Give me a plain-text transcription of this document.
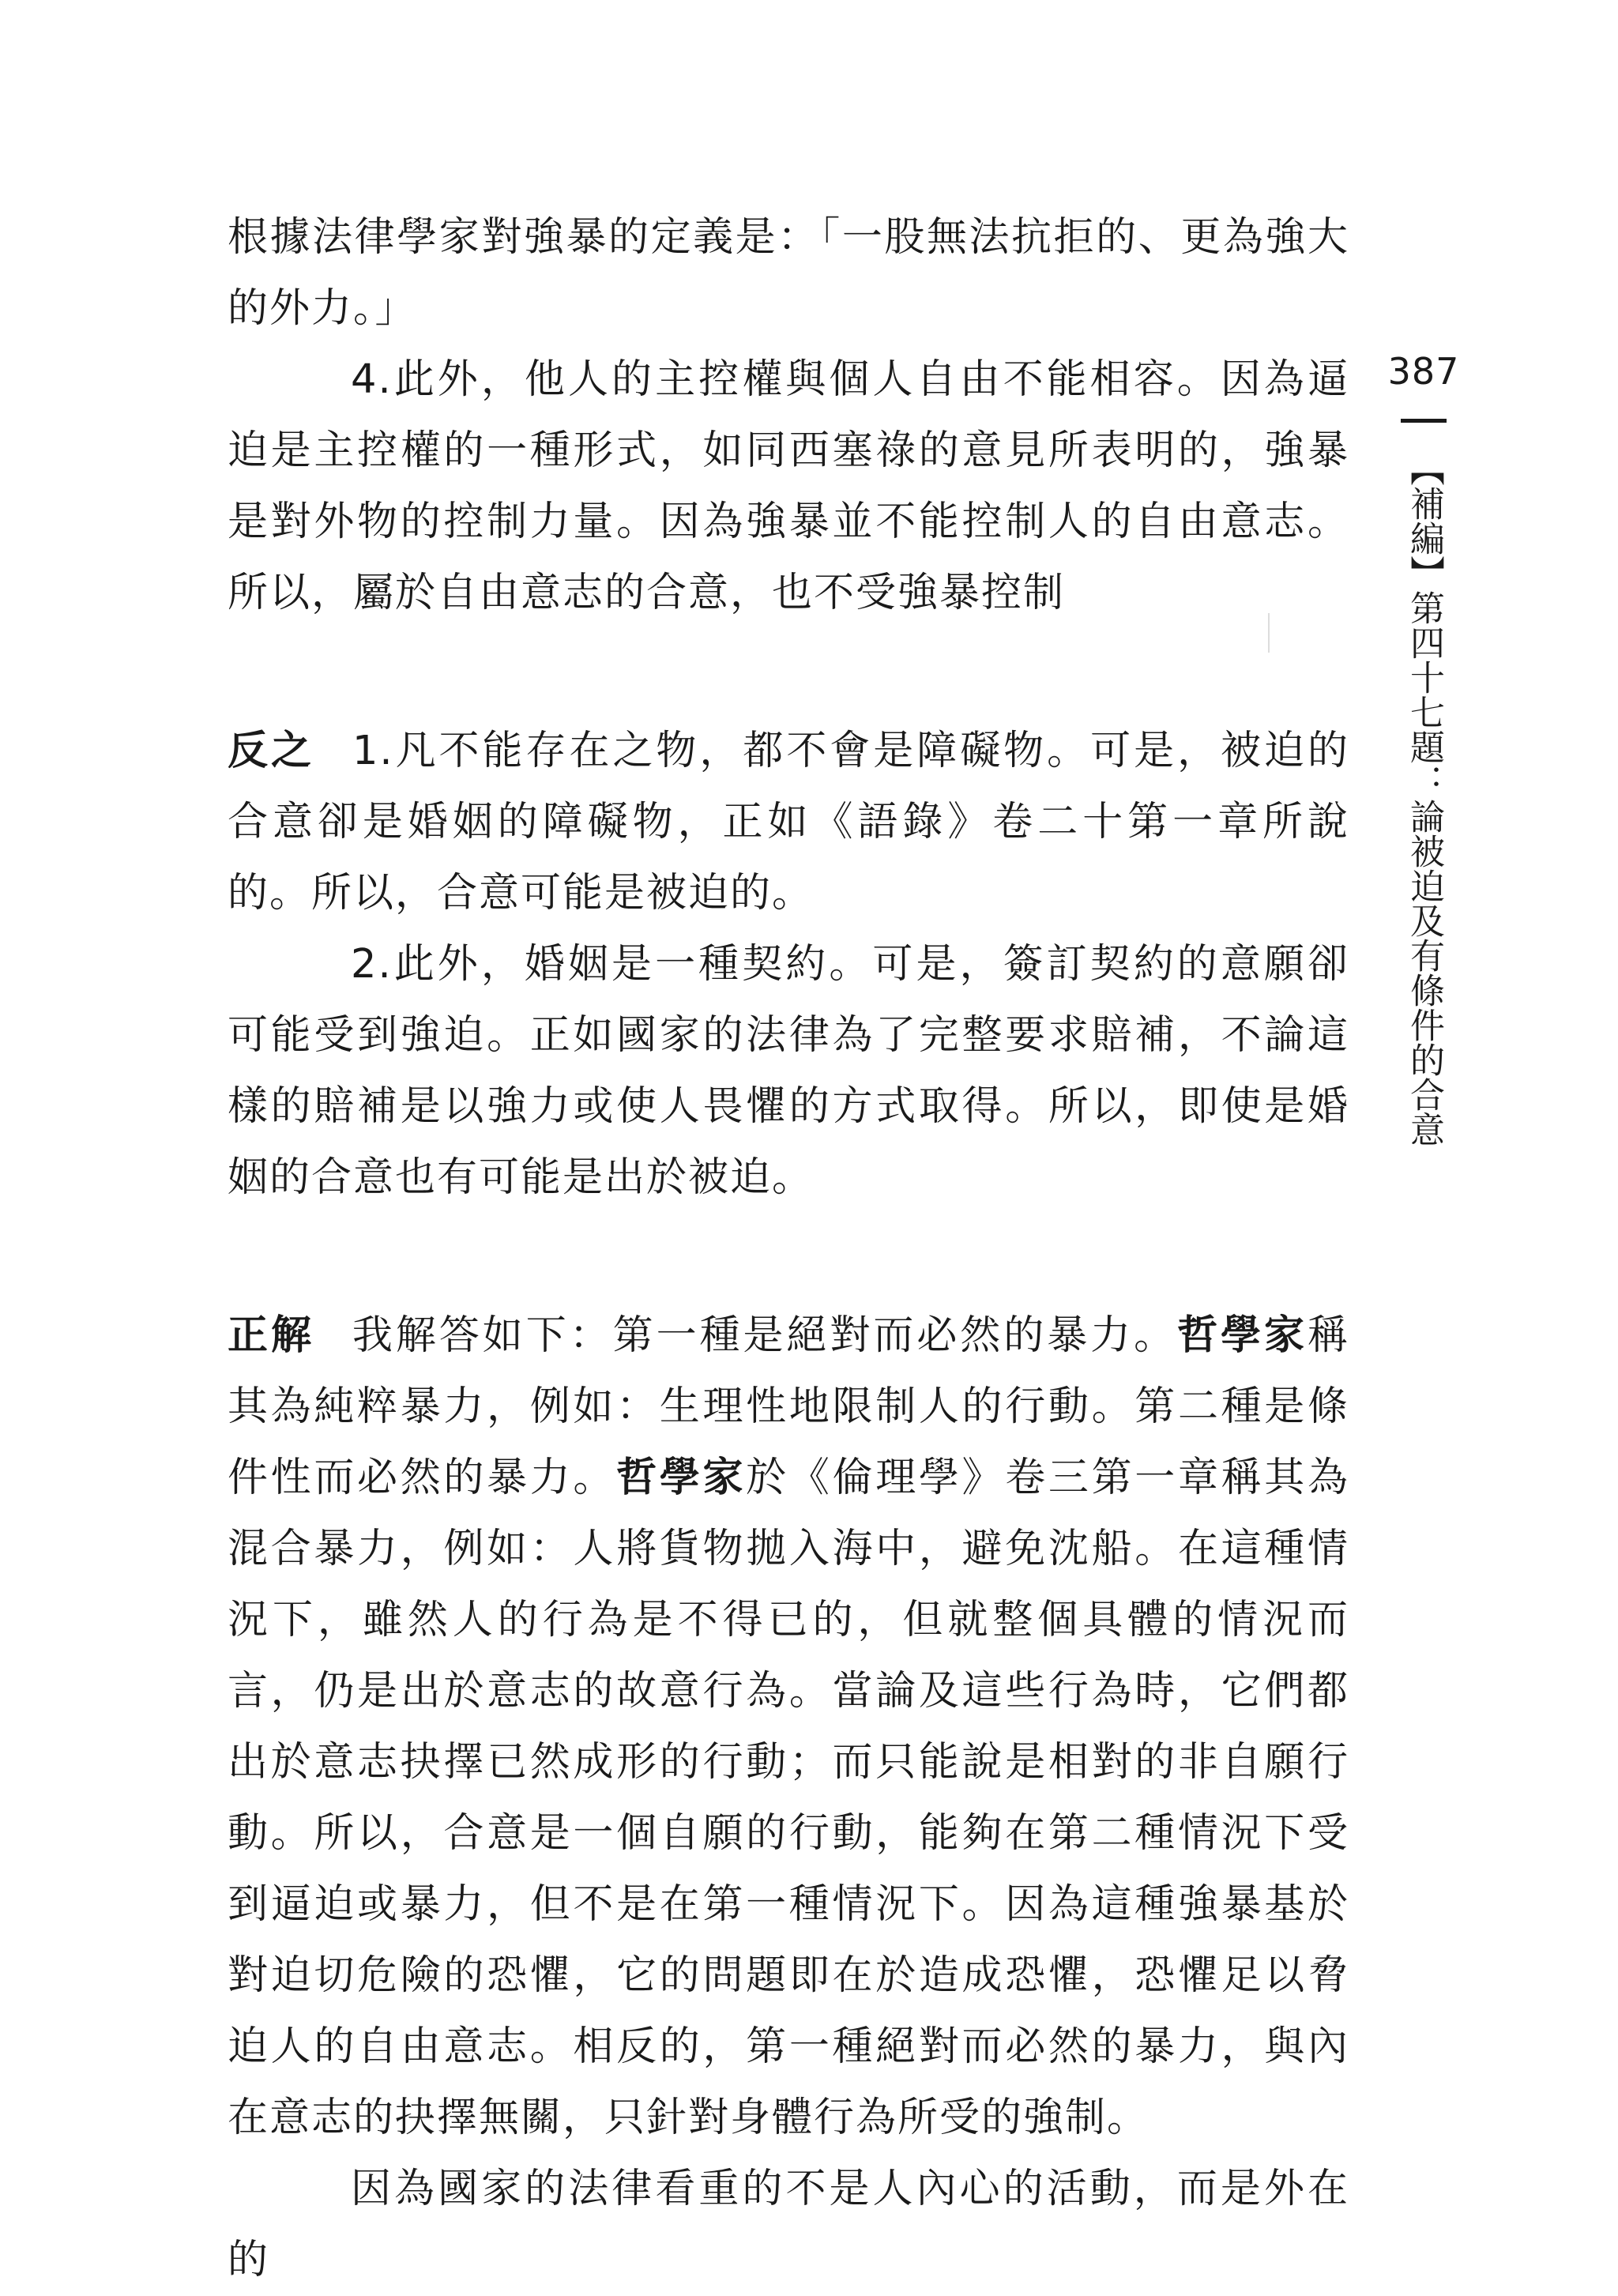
根據法律學家對強暴的定義是：「一股無法抗拒的、更為強大的外力。」

4.此外，他人的主控權與個人自由不能相容。因為逼迫是主控權的一種形式，如同西塞祿的意見所表明的，強暴是對外物的控制力量。因為強暴並不能控制人的自由意志。所以，屬於自由意志的合意，也不受強暴控制

反之 1.凡不能存在之物，都不會是障礙物。可是，被迫的合意卻是婚姻的障礙物，正如《語錄》卷二十第一章所說的。所以，合意可能是被迫的。

2.此外，婚姻是一種契約。可是，簽訂契約的意願卻可能受到強迫。正如國家的法律為了完整要求賠補，不論這樣的賠補是以強力或使人畏懼的方式取得。所以，即使是婚姻的合意也有可能是出於被迫。

正解 我解答如下：第一種是絕對而必然的暴力。哲學家稱其為純粹暴力，例如：生理性地限制人的行動。第二種是條件性而必然的暴力。哲學家於《倫理學》卷三第一章稱其為混合暴力，例如：人將貨物拋入海中，避免沈船。在這種情況下，雖然人的行為是不得已的，但就整個具體的情況而言，仍是出於意志的故意行為。當論及這些行為時，它們都出於意志抉擇已然成形的行動；而只能說是相對的非自願行動。所以，合意是一個自願的行動，能夠在第二種情況下受到逼迫或暴力，但不是在第一種情況下。因為這種強暴基於對迫切危險的恐懼，它的問題即在於造成恐懼，恐懼足以脅迫人的自由意志。相反的，第一種絕對而必然的暴力，與內在意志的抉擇無關，只針對身體行為所受的強制。

因為國家的法律看重的不是人內心的活動，而是外在的

387
【補編】第四十七題：論被迫及有條件的合意
